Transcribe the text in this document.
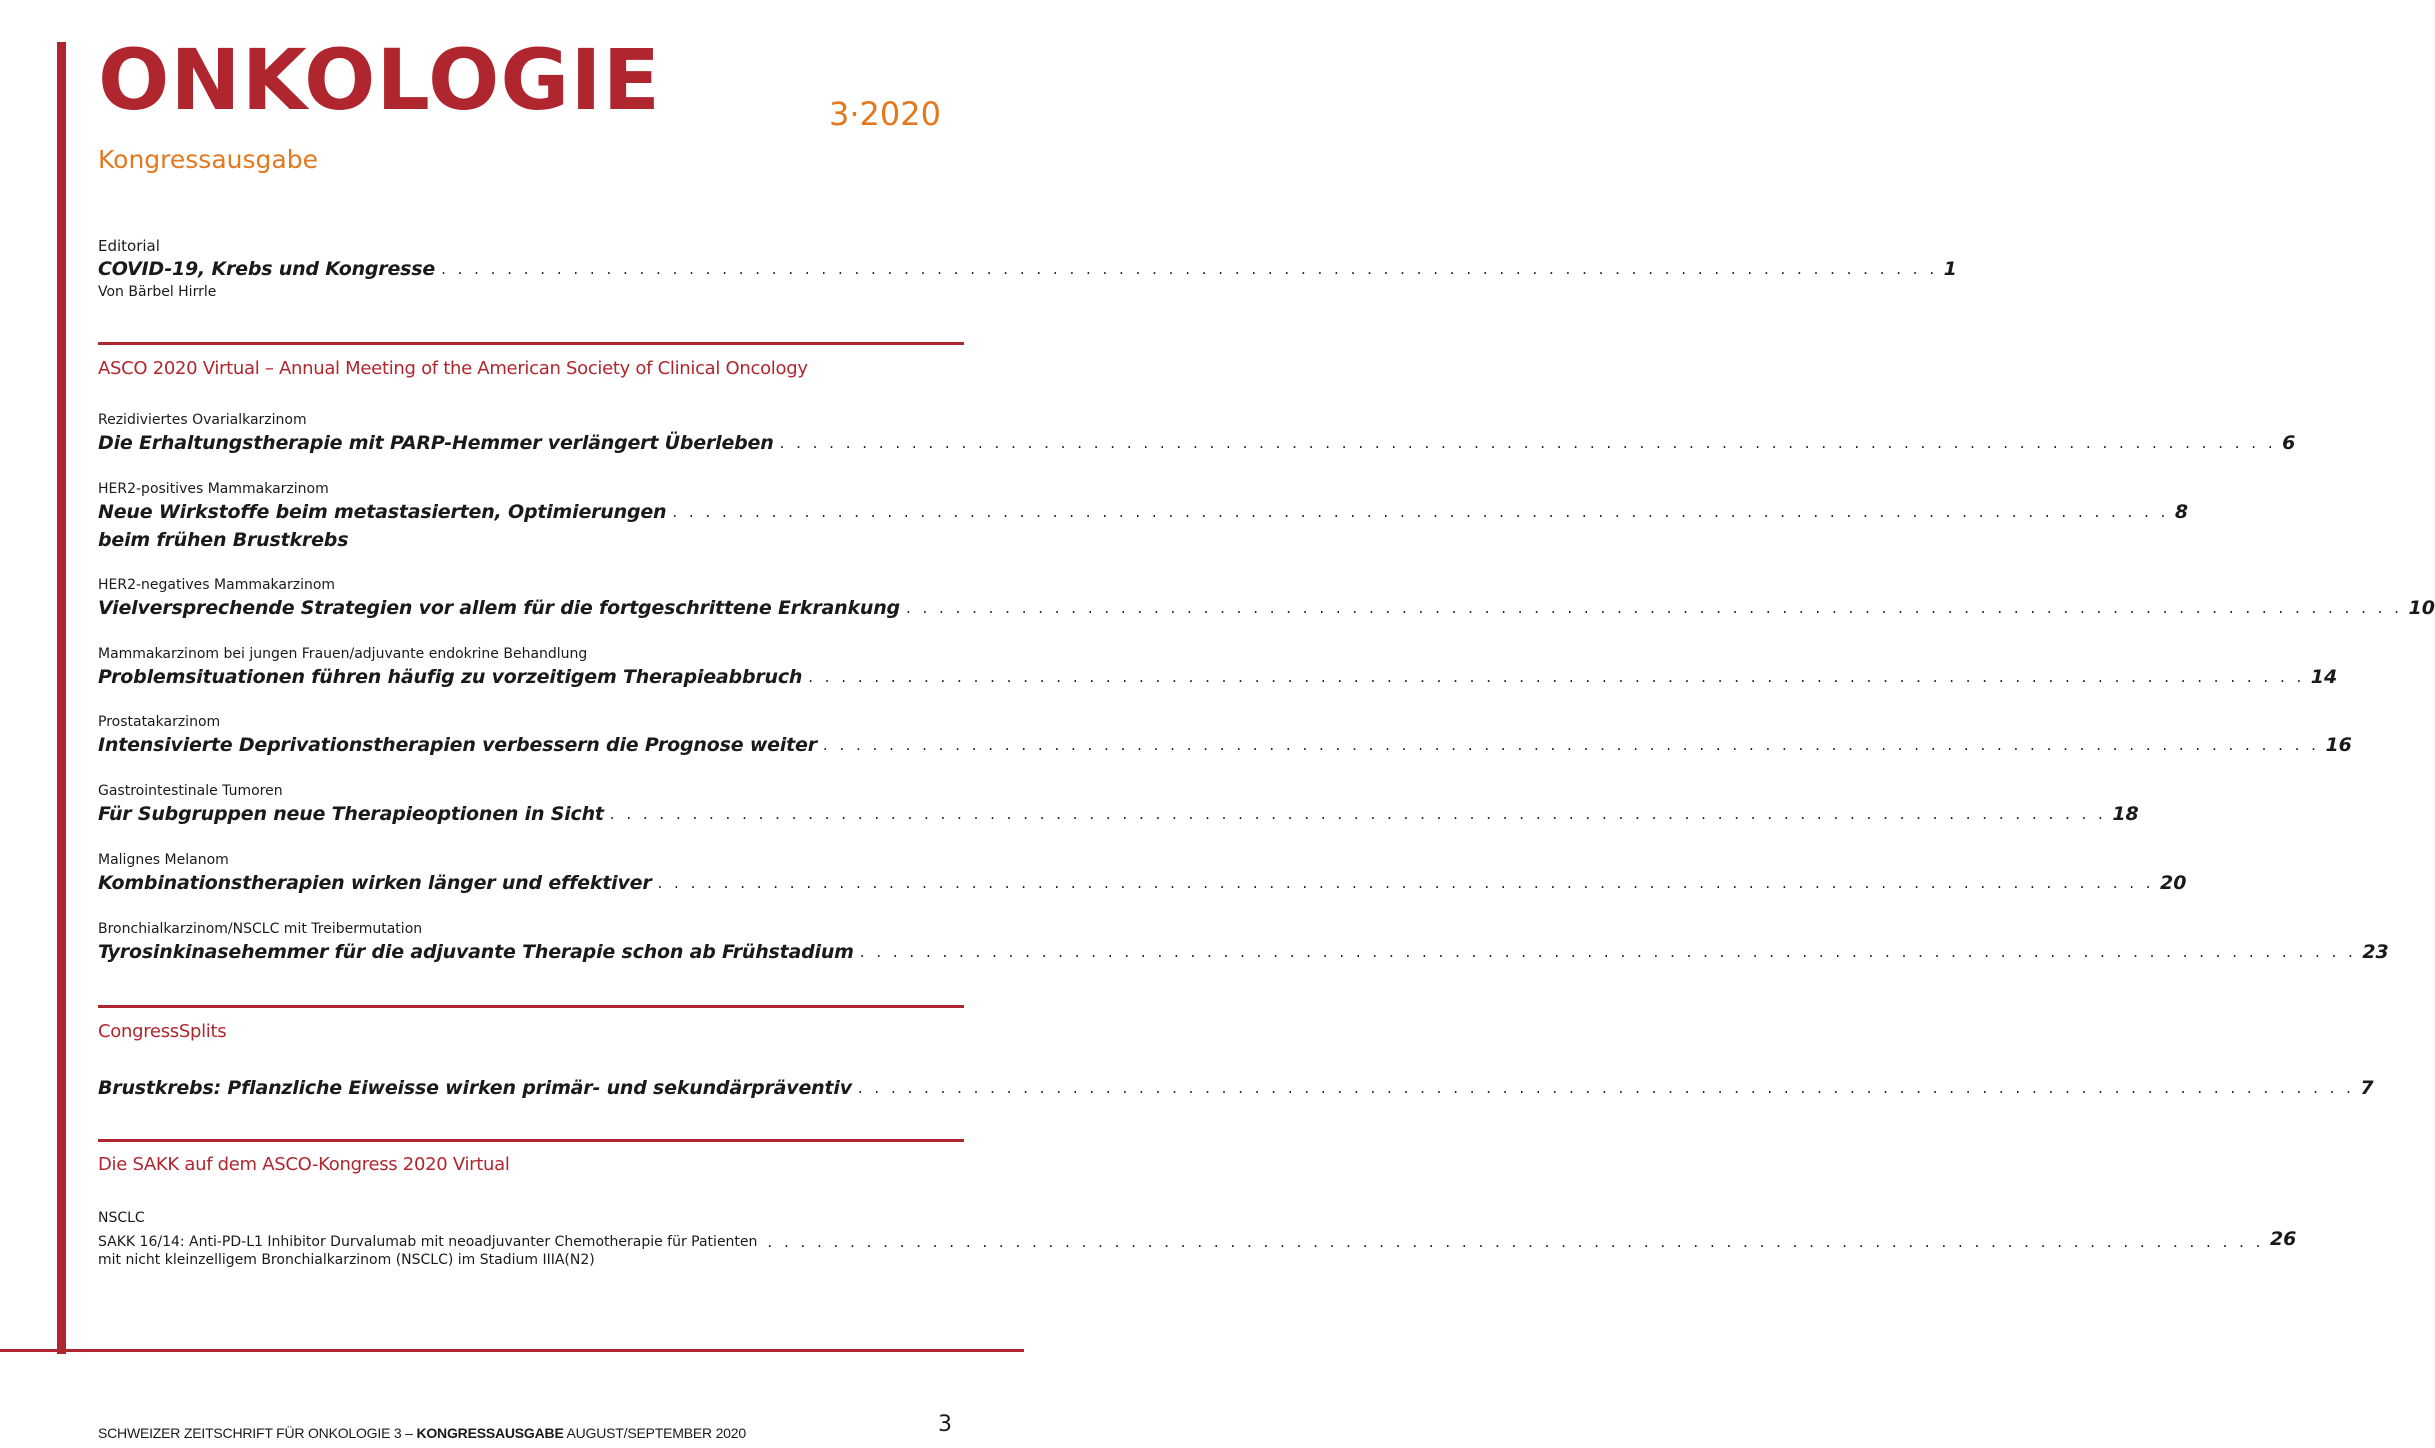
ONKOLOGIE	3·2020
Kongressausgabe
Editorial
COVID-19, Krebs und Kongresse . . . . . . . . . . . . . . . . . . . . . . . . . . . . . . . . . . . . . . . . . . . . . . . . . . . . . . . . . . . . . . . . . . . . . . . . . . . . . . . . . . . . . . . . . . . 1
Von Bärbel Hirrle
ASCO 2020 Virtual – Annual Meeting of the American Society of Clinical Oncology
Rezidiviertes Ovarialkarzinom
Die Erhaltungstherapie mit PARP-Hemmer verlängert Überleben . . . . . . . . . . . . . . . . . . . . . . . . . . . . . . . . . . . . . . . . . . . . . . . . . . . . . . . . . . . . . . . . . . . . . . . . . . . . . . . . . . . . . . . . . . . 6
HER2-positives Mammakarzinom
Neue Wirkstoffe beim metastasierten, Optimierungen . . . . . . . . . . . . . . . . . . . . . . . . . . . . . . . . . . . . . . . . . . . . . . . . . . . . . . . . . . . . . . . . . . . . . . . . . . . . . . . . . . . . . . . . . . . 8
beim frühen Brustkrebs
HER2-negatives Mammakarzinom
Vielversprechende Strategien vor allem für die fortgeschrittene Erkrankung . . . . . . . . . . . . . . . . . . . . . . . . . . . . . . . . . . . . . . . . . . . . . . . . . . . . . . . . . . . . . . . . . . . . . . . . . . . . . . . . . . . . . . . . . . . 10
Mammakarzinom bei jungen Frauen/adjuvante endokrine Behandlung
Problemsituationen führen häufig zu vorzeitigem Therapieabbruch . . . . . . . . . . . . . . . . . . . . . . . . . . . . . . . . . . . . . . . . . . . . . . . . . . . . . . . . . . . . . . . . . . . . . . . . . . . . . . . . . . . . . . . . . . . 14
Prostatakarzinom
Intensivierte Deprivationstherapien verbessern die Prognose weiter . . . . . . . . . . . . . . . . . . . . . . . . . . . . . . . . . . . . . . . . . . . . . . . . . . . . . . . . . . . . . . . . . . . . . . . . . . . . . . . . . . . . . . . . . . . 16
Gastrointestinale Tumoren
Für Subgruppen neue Therapieoptionen in Sicht . . . . . . . . . . . . . . . . . . . . . . . . . . . . . . . . . . . . . . . . . . . . . . . . . . . . . . . . . . . . . . . . . . . . . . . . . . . . . . . . . . . . . . . . . . . 18
Malignes Melanom
Kombinationstherapien wirken länger und effektiver . . . . . . . . . . . . . . . . . . . . . . . . . . . . . . . . . . . . . . . . . . . . . . . . . . . . . . . . . . . . . . . . . . . . . . . . . . . . . . . . . . . . . . . . . . . 20
Bronchialkarzinom/NSCLC mit Treibermutation
Tyrosinkinasehemmer für die adjuvante Therapie schon ab Frühstadium . . . . . . . . . . . . . . . . . . . . . . . . . . . . . . . . . . . . . . . . . . . . . . . . . . . . . . . . . . . . . . . . . . . . . . . . . . . . . . . . . . . . . . . . . . . 23
CongressSplits
Brustkrebs: Pflanzliche Eiweisse wirken primär- und sekundärpräventiv . . . . . . . . . . . . . . . . . . . . . . . . . . . . . . . . . . . . . . . . . . . . . . . . . . . . . . . . . . . . . . . . . . . . . . . . . . . . . . . . . . . . . . . . . . . 7
Die SAKK auf dem ASCO-Kongress 2020 Virtual
NSCLC
SAKK 16/14: Anti-PD-L1 Inhibitor Durvalumab mit neoadjuvanter Chemotherapie für Patienten . . . . . . . . . . . . . . . . . . . . . . . . . . . . . . . . . . . . . . . . . . . . . . . . . . . . . . . . . . . . . . . . . . . . . . . . . . . . . . . . . . . . . . . . . . . 26
mit nicht kleinzelligem Bronchialkarzinom (NSCLC) im Stadium IIIA(N2)
SCHWEIZER ZEITSCHRIFT FÜR ONKOLOGIE 3 – KONGRESSAUSGABE AUGUST/SEPTEMBER 2020	3
